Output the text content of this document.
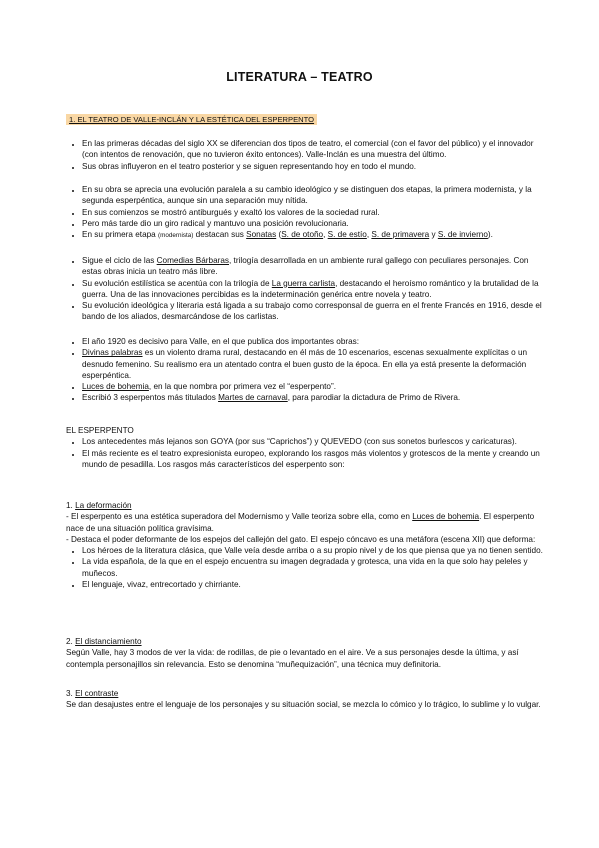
LITERATURA – TEATRO
1. EL TEATRO DE VALLE-INCLÁN Y LA ESTÉTICA DEL ESPERPENTO
• En las primeras décadas del siglo XX se diferencian dos tipos de teatro, el comercial (con el favor del público) y el innovador (con intentos de renovación, que no tuvieron éxito entonces). Valle-Inclán es una muestra del último.
• Sus obras influyeron en el teatro posterior y se siguen representando hoy en todo el mundo.
• En su obra se aprecia una evolución paralela a su cambio ideológico y se distinguen dos etapas, la primera modernista, y la segunda esperpéntica, aunque sin una separación muy nítida.
• En sus comienzos se mostró antiburgués y exaltó los valores de la sociedad rural.
• Pero más tarde dio un giro radical y mantuvo una posición revolucionaria.
• En su primera etapa (modernista) destacan sus Sonatas (S. de otoño, S. de estío, S. de primavera y S. de invierno).
• Sigue el ciclo de las Comedias Bárbaras, trilogía desarrollada en un ambiente rural gallego con peculiares personajes. Con estas obras inicia un teatro más libre.
• Su evolución estilística se acentúa con la trilogía de La guerra carlista, destacando el heroísmo romántico y la brutalidad de la guerra. Una de las innovaciones percibidas es la indeterminación genérica entre novela y teatro.
• Su evolución ideológica y literaria está ligada a su trabajo como corresponsal de guerra en el frente Francés en 1916, desde el bando de los aliados, desmarcándose de los carlistas.
• El año 1920 es decisivo para Valle, en el que publica dos importantes obras:
• Divinas palabras es un violento drama rural, destacando en él más de 10 escenarios, escenas sexualmente explícitas o un desnudo femenino. Su realismo era un atentado contra el buen gusto de la época. En ella ya está presente la deformación esperpéntica.
• Luces de bohemia, en la que nombra por primera vez el “esperpento”.
• Escribió 3 esperpentos más titulados Martes de carnaval, para parodiar la dictadura de Primo de Rivera.

EL ESPERPENTO

• Los antecedentes más lejanos son GOYA (por sus “Caprichos”) y QUEVEDO (con sus sonetos burlescos y caricaturas).
• El más reciente es el teatro expresionista europeo, explorando los rasgos más violentos y grotescos de la mente y creando un mundo de pesadilla. Los rasgos más característicos del esperpento son:

1. La deformación

- El esperpento es una estética superadora del Modernismo y Valle teoriza sobre ella, como en Luces de bohemia. El esperpento nace de una situación política gravísima.

- Destaca el poder deformante de los espejos del callejón del gato. El espejo cóncavo es una metáfora (escena XII) que deforma:

• Los héroes de la literatura clásica, que Valle veía desde arriba o a su propio nivel y de los que piensa que ya no tienen sentido.
• La vida española, de la que en el espejo encuentra su imagen degradada y grotesca, una vida en la que solo hay peleles y muñecos.
• El lenguaje, vivaz, entrecortado y chirriante.

2. El distanciamiento

Según Valle, hay 3 modos de ver la vida: de rodillas, de pie o levantado en el aire. Ve a sus personajes desde la última, y así contempla personajillos sin relevancia. Esto se denomina “muñequización”, una técnica muy definitoria.

3. El contraste

Se dan desajustes entre el lenguaje de los personajes y su situación social, se mezcla lo cómico y lo trágico, lo sublime y lo vulgar.
